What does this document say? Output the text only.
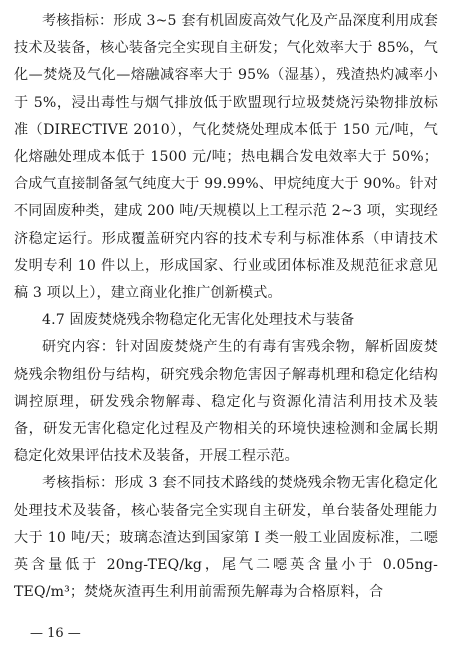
考核指标：形成 3~5 套有机固废高效气化及产品深度利用成套技术及装备，核心装备完全实现自主研发；气化效率大于 85%，气化—焚烧及气化—熔融减容率大于 95%（湿基），残渣热灼减率小于 5%，浸出毒性与烟气排放低于欧盟现行垃圾焚烧污染物排放标准（DIRECTIVE 2010），气化焚烧处理成本低于 150 元/吨，气化熔融处理成本低于 1500 元/吨；热电耦合发电效率大于 50%；合成气直接制备氢气纯度大于 99.99%、甲烷纯度大于 90%。针对不同固废种类，建成 200 吨/天规模以上工程示范 2~3 项，实现经济稳定运行。形成覆盖研究内容的技术专利与标准体系（申请技术发明专利 10 件以上，形成国家、行业或团体标准及规范征求意见稿 3 项以上），建立商业化推广创新模式。

4.7 固废焚烧残余物稳定化无害化处理技术与装备

研究内容：针对固废焚烧产生的有毒有害残余物，解析固废焚烧残余物组份与结构，研究残余物危害因子解毒机理和稳定化结构调控原理，研发残余物解毒、稳定化与资源化清洁利用技术及装备，研发无害化稳定化过程及产物相关的环境快速检测和金属长期稳定化效果评估技术及装备，开展工程示范。

考核指标：形成 3 套不同技术路线的焚烧残余物无害化稳定化处理技术及装备，核心装备完全实现自主研发，单台装备处理能力大于 10 吨/天；玻璃态渣达到国家第 I 类一般工业固废标准，二噁英含量低于 20ng-TEQ/kg，尾气二噁英含量小于 0.05ng-TEQ/m³；焚烧灰渣再生利用前需预先解毒为合格原料，合

— 16 —
